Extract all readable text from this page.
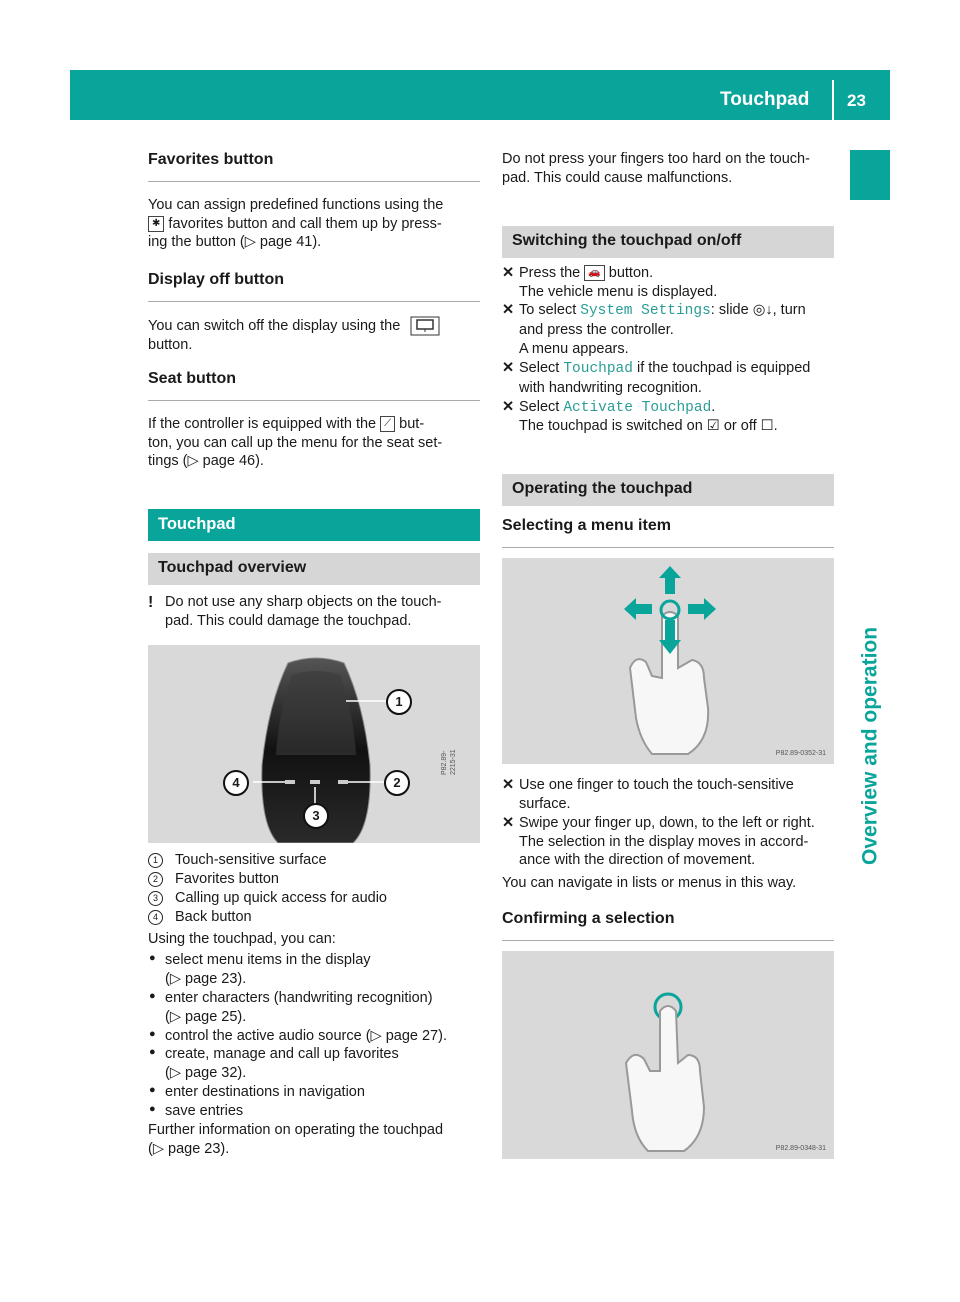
Touchpad 23
Overview and operation
Favorites button

You can assign predefined functions using the

✱ favorites button and call them up by press-

ing the button (▷ page 41).

Display off button

You can switch off the display using the

button.

Seat button

If the controller is equipped with the ⟋ but-

ton, you can call up the menu for the seat set-

tings (▷ page 46).

Touchpad
Touchpad overview
! Do not use any sharp objects on the touch-

pad. This could damage the touchpad.

1
2
3
4
P82.89-2215-31
1	Touch-sensitive surface
2	Favorites button
3	Calling up quick access for audio
4	Back button

Using the touchpad, you can:

● select menu items in the display

(▷ page 23).

● enter characters (handwriting recognition)

(▷ page 25).

● control the active audio source (▷ page 27).

● create, manage and call up favorites

(▷ page 32).

● enter destinations in navigation

● save entries

Further information on operating the touchpad

(▷ page 23).

Do not press your fingers too hard on the touch-

pad. This could cause malfunctions.

Switching the touchpad on/off
✕ Press the 🚗 button.

The vehicle menu is displayed.

✕ To select System Settings: slide ◎↓, turn

and press the controller.

A menu appears.

✕ Select Touchpad if the touchpad is equipped

with handwriting recognition.

✕ Select Activate Touchpad.

The touchpad is switched on ☑ or off ☐.

Operating the touchpad
Selecting a menu item
P82.89-0352-31
✕ Use one finger to touch the touch-sensitive

surface.

✕ Swipe your finger up, down, to the left or right.

The selection in the display moves in accord-

ance with the direction of movement.

You can navigate in lists or menus in this way.

Confirming a selection
P82.89-0348-31
